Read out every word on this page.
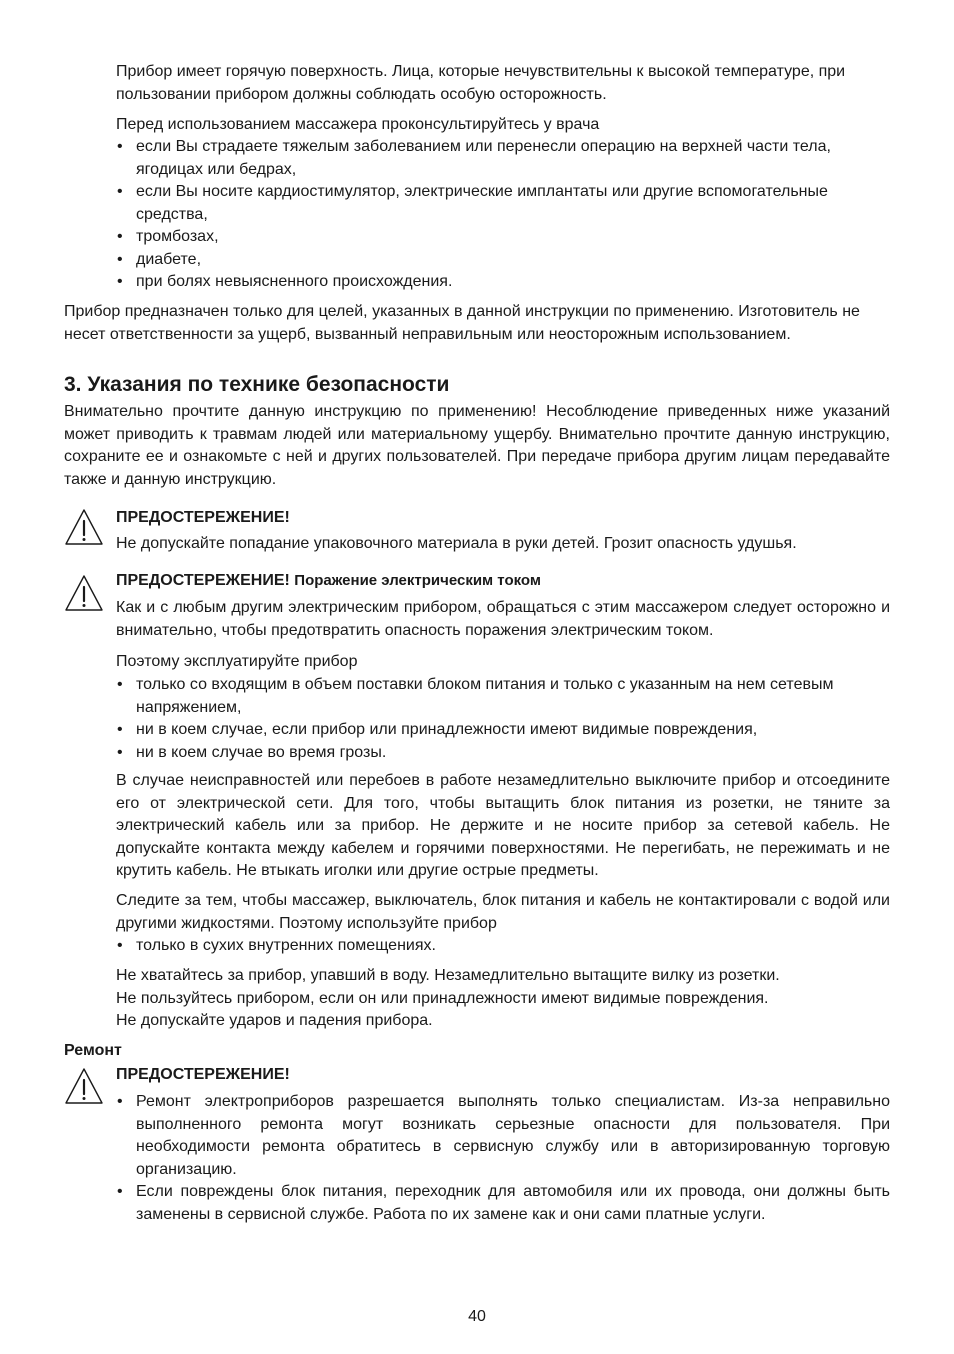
Прибор имеет горячую поверхность. Лица, которые нечувствительны к высокой температуре, при пользовании прибором должны соблюдать особую осторожность.

Перед использованием массажера проконсультируйтесь у врача

• если Вы страдаете тяжелым заболеванием или перенесли операцию на верхней части тела, ягодицах или бедрах,
• если Вы носите кардиостимулятор, электрические имплантаты или другие вспомогательные средства,
• тромбозах,
• диабете,
• при болях невыясненного происхождения.

Прибор предназначен только для целей, указанных в данной инструкции по применению. Изготовитель не несет ответственности за ущерб, вызванный неправильным или неосторожным использованием.

3. Указания по технике безопасности

Внимательно прочтите данную инструкцию по применению! Несоблюдение приведенных ниже указаний может приводить к травмам людей или материальному ущербу. Внимательно прочтите данную инструкцию, сохраните ее и ознакомьте с ней и других пользователей. При передаче прибора другим лицам передавайте также и данную инструкцию.

ПРЕДОСТЕРЕЖЕНИЕ!

Не допускайте попадание упаковочного материала в руки детей. Грозит опасность удушья.

ПРЕДОСТЕРЕЖЕНИЕ! Поражение электрическим током

Как и с любым другим электрическим прибором, обращаться с этим массажером следует осторожно и внимательно, чтобы предотвратить опасность поражения электрическим током.

Поэтому эксплуатируйте прибор

• только со входящим в объем поставки блоком питания и только с указанным на нем сетевым напряжением,
• ни в коем случае, если прибор или принадлежности имеют видимые повреждения,
• ни в коем случае во время грозы.

В случае неисправностей или перебоев в работе незамедлительно выключите прибор и отсоедините его от электрической сети. Для того, чтобы вытащить блок питания из розетки, не тяните за электрический кабель или за прибор. Не держите и не носите прибор за сетевой кабель. Не допускайте контакта между кабелем и горячими поверхностями. Не перегибать, не пережимать и не крутить кабель. Не втыкать иголки или другие острые предметы.

Следите за тем, чтобы массажер, выключатель, блок питания и кабель не контактировали с водой или другими жидкостями. Поэтому используйте прибор

• только в сухих внутренних помещениях.

Не хватайтесь за прибор, упавший в воду. Незамедлительно вытащите вилку из розетки.

Не пользуйтесь прибором, если он или принадлежности имеют видимые повреждения.

Не допускайте ударов и падения прибора.

Ремонт
ПРЕДОСТЕРЕЖЕНИЕ!
• Ремонт электроприборов разрешается выполнять только специалистам. Из-за неправильно выполненного ремонта могут возникать серьезные опасности для пользователя. При необходимости ремонта обратитесь в сервисную службу или в авторизированную торговую организацию.
• Если повреждены блок питания, переходник для автомобиля или их провода, они должны быть заменены в сервисной службе. Работа по их замене как и они сами платные услуги.
40
